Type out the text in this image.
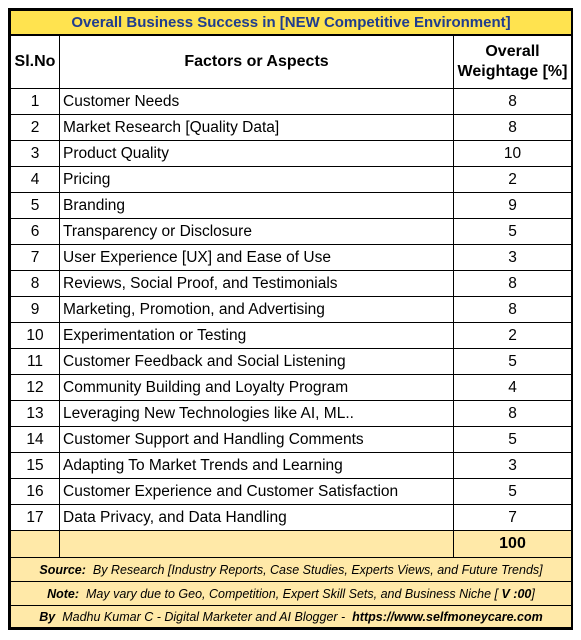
Overall Business Success in [NEW Competitive Environment]		
Sl.No	Factors or Aspects	Overall
Weightage [%]
1	Customer Needs	8
2	Market Research [Quality Data]	8
3	Product Quality	10
4	Pricing	2
5	Branding	9
6	Transparency or Disclosure	5
7	User Experience [UX] and Ease of Use	3
8	Reviews, Social Proof, and Testimonials	8
9	Marketing, Promotion, and Advertising	8
10	Experimentation or Testing	2
11	Customer Feedback and Social Listening	5
12	Community Building and Loyalty Program	4
13	Leveraging New Technologies like AI, ML..	8
14	Customer Support and Handling Comments	5
15	Adapting To Market Trends and Learning	3
16	Customer Experience and Customer Satisfaction	5
17	Data Privacy, and Data Handling	7
		100
Source: By Research [Industry Reports, Case Studies, Experts Views, and Future Trends]		
Note: May vary due to Geo, Competition, Expert Skill Sets, and Business Niche [ V :00]		
By Madhu Kumar C - Digital Marketer and AI Blogger - https://www.selfmoneycare.com		
